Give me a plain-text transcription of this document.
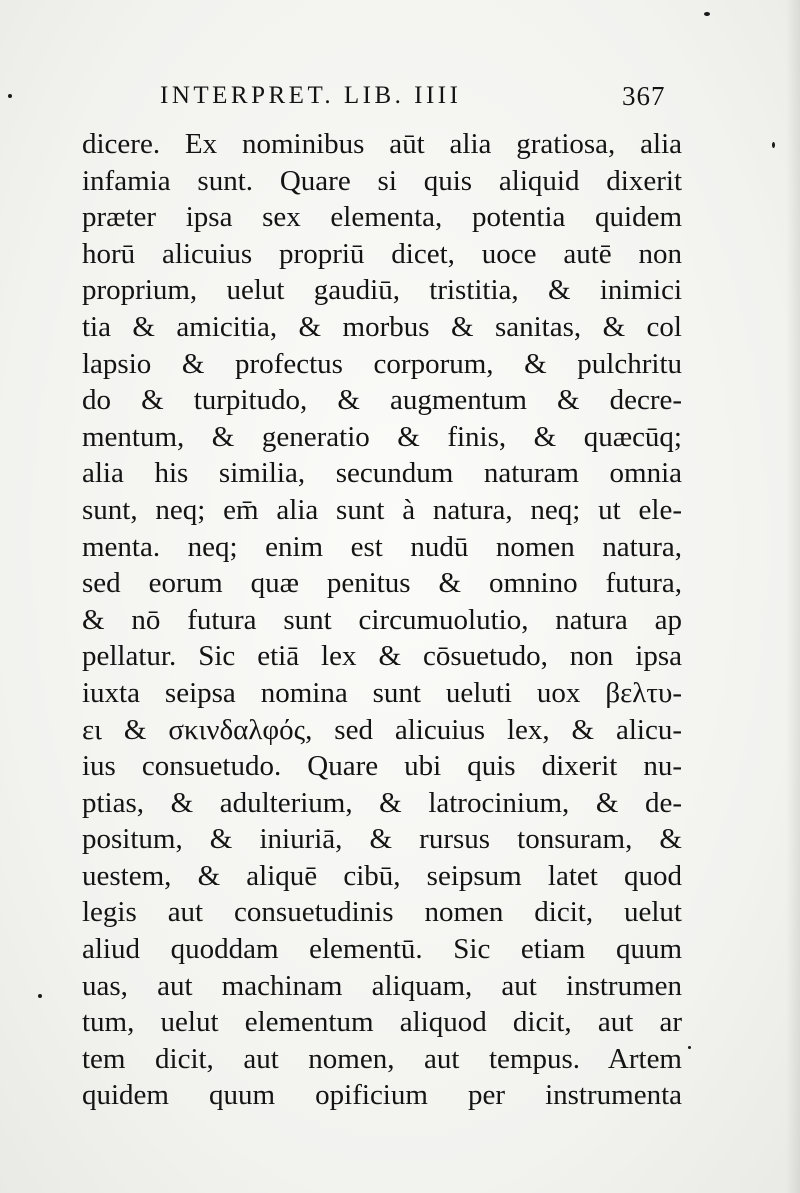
INTERPRET. LIB. IIII	367
dicere. Ex nominibus aūt alia gratiosa, alia
infamia sunt. Quare si quis aliquid dixerit
præter ipsa sex elementa, potentia quidem
horū alicuius propriū dicet, uoce autē non
proprium, uelut gaudiū, tristitia, & inimici
tia & amicitia, & morbus & sanitas, & col
lapsio & profectus corporum, & pulchritu
do & turpitudo, & augmentum & decre-
mentum, & generatio & finis, & quæcūq;
alia his similia, secundum naturam omnia
sunt, neq; em̄ alia sunt à natura, neq; ut ele-
menta. neq; enim est nudū nomen natura,
sed eorum quæ penitus & omnino futura,
& nō futura sunt circumuolutio, natura ap
pellatur. Sic etiā lex & cōsuetudo, non ipsa
iuxta seipsa nomina sunt ueluti uox βελτυ-
ει & σκινδαλφός, sed alicuius lex, & alicu-
ius consuetudo. Quare ubi quis dixerit nu-
ptias, & adulterium, & latrocinium, & de-
positum, & iniuriā, & rursus tonsuram, &
uestem, & aliquē cibū, seipsum latet quod
legis aut consuetudinis nomen dicit, uelut
aliud quoddam elementū. Sic etiam quum
uas, aut machinam aliquam, aut instrumen
tum, uelut elementum aliquod dicit, aut ar
tem dicit, aut nomen, aut tempus. Artem
quidem quum opificium per instrumenta
